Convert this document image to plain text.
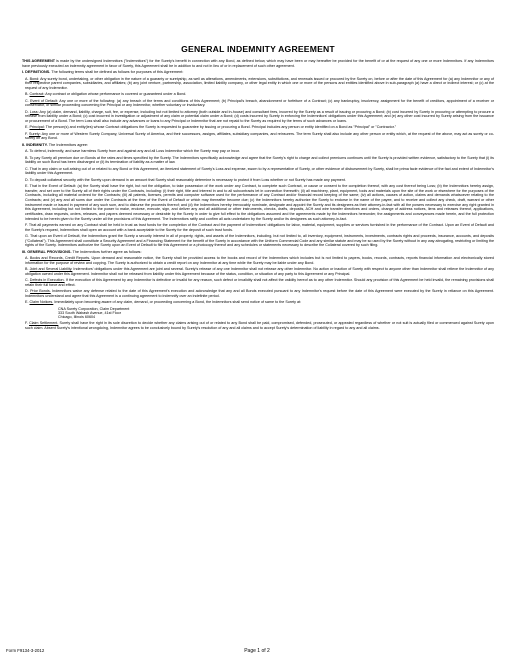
GENERAL INDEMNITY AGREEMENT

THIS AGREEMENT is made by the undersigned Indemnitors ("Indemnitors") for the Surety's benefit in connection with any Bond, as defined below, which may have been or may hereafter be provided for the benefit of or at the request of any one or more Indemnitors. If any Indemnitors have previously executed an indemnity agreement in favor of Surety, this Agreement shall be in addition to and not in lieu of or in replacement of such other agreement.

I. DEFINITIONS. The following terms shall be defined as follows for purposes of this Agreement:

A. Bond: Any surety bond, undertaking, or other obligation in the nature of a guaranty or suretyship, as well as alterations, amendments, extensions, substitutions, and renewals issued or procured by the Surety on, before or after the date of this Agreement for (a) any Indemnitor or any of their respective parent companies, subsidiaries, and affiliates; (b) any joint venture, partnership, association, limited liability company, or other legal entity in which one or more of the persons and entities identified above in sub-paragraph (a) have a direct or indirect interest; or (c) at the request of any Indemnitor.

B. Contract: Any contract or obligation whose performance is covered or guaranteed under a Bond.

C. Event of Default: Any one or more of the following: (a) any breach of the terms and conditions of this Agreement; (b) Principal's breach, abandonment or forfeiture of a Contract; (c) any bankruptcy, insolvency, assignment for the benefit of creditors, appointment of a receiver or conservator, or similar proceeding concerning the Principal or any Indemnitor, whether voluntary or involuntary.

D. Loss: Any (a) claim, demand, liability, charge, suit, fee, or expense, including but not limited to attorney (both outside and in-house) and consultant fees, incurred by the Surety as a result of issuing or procuring a Bond; (b) cost incurred by Surety in procuring or attempting to procure a release from liability under a Bond; (c) cost incurred in investigation or adjustment of any claim or potential claim under a Bond; (d) costs incurred by Surety in enforcing the Indemnitors' obligations under this Agreement; and (e) any other cost incurred by Surety arising from the issuance or procurement of a Bond. The term Loss shall also include any advances or loans to any Principal or Indemnitor that are not repaid to the Surety as required by the terms of such advances or loans.

E. Principal: The person(s) and entity(ies) whose Contract obligations the Surety is requested to guarantee by issuing or procuring a Bond. Principal includes any person or entity identified on a Bond as "Principal" or "Contractor."

F. Surety: Any one or more of Western Surety Company, Universal Surety of America, and their successors, assigns, affiliates, subsidiary companies, and reinsurers. The term Surety shall also include any other person or entity which, at the request of the above, may act as surety or co-surety on any Bond.

II. INDEMNITY. The Indemnitors agree:

A. To defend, indemnify, and save harmless Surety from and against any and all Loss Indemnitor which the Surety may pay or incur.

B. To pay Surety all premium due on Bonds at the rates and times specified by the Surety. The Indemnitors specifically acknowledge and agree that the Surety's right to charge and collect premiums continues until the Surety is provided written evidence, satisfactory to the Surety that (i) its liability on such Bond has been discharged or (ii) its termination of liability as a matter of law.

C. That in any claim or suit arising out of or related to any Bond or this Agreement, an itemized statement of Surety's Loss and expense, sworn to by a representative of Surety, or other evidence of disbursement by Surety, shall be prima facie evidence of the fact and extent of Indemnitor's liability under this Agreement.

D. To deposit collateral security with the Surety upon demand in an amount that Surety shall reasonably determine is necessary to protect it from Loss whether or not Surety has made any payment.

E. That in the Event of Default: (a) the Surety shall have the right, but not the obligation, to take possession of the work under any Contract, to complete such Contract, or cause or consent to the completion thereof, with any cost thereof being Loss; (b) the Indemnitors hereby assign, transfer, and set over to the Surety all of their rights under the Contracts, including: (i) their right, title and interest in and to all subcontracts let in connection therewith; (ii) all machinery, plant, equipment, tools and materials upon the site of the work or elsewhere for the purposes of the Contracts, including all material ordered for the Contracts; (iii) all patents, licenses, permits and computer software used for the performance of any Contract and/or financial record keeping of the same; (iv) all actions, causes of action, claims and demands whatsoever relating to the Contracts; and (v) any and all sums due under the Contracts at the time of the Event of Default or which may thereafter become due; (c) the Indemnitors hereby authorize the Surety to endorse in the name of the payee, and to receive and collect any check, draft, warrant or other instrument made or issued in payment of any such sum, and to disburse the proceeds thereof; and (d) the Indemnitors hereby irrevocably nominate, designate and appoint the Surety and its designees as their attorney-in-fact with all the powers necessary to exercise any right granted in this Agreement, including but not limited to the power to make, endorse, execute, sign, and deliver any and all additional or other instruments, checks, drafts, deposits, ACH and wire transfer directives and orders, change of address notices, liens and releases thereof, applications, certificates, draw requests, orders, releases, and papers deemed necessary or desirable by the Surety in order to give full effect to the obligations assumed and the agreements made by the Indemnitors hereunder, the assignments and conveyances made herein, and the full protection intended to be herein given to the Surety under all the provisions of this Agreement. The Indemnitors ratify and confirm all acts undertaken by the Surety and/or its designees as such attorney-in-fact.

F. That all payments earned on any Contract shall be held in trust as trust funds for the completion of the Contract and the payment of Indemnitors' obligations for labor, material, equipment, supplies or services furnished in the performance of the Contract. Upon an Event of Default and the Surety's request, Indemnitors shall open an account with a bank acceptable to the Surety for the deposit of such trust funds.

G. That upon an Event of Default, the Indemnitors grant the Surety a security interest in all of property, rights, and assets of the Indemnitors, including, but not limited to, all inventory, equipment, instruments, investments, contracts rights and proceeds, insurance, accounts, and deposits ("Collateral"). This Agreement shall constitute a Security Agreement and a Financing Statement for the benefit of the Surety in accordance with the Uniform Commercial Code and any similar statute and may be so used by the Surety without in any way abrogating, restricting or limiting the rights of the Surety. Indemnitors authorize the Surety upon an Event of Default to file this Agreement or a photocopy thereof and any schedules or statements necessary to describe the Collateral covered by such filing.

III. GENERAL PROVISIONS. The Indemnitors further agree as follows:

A. Books and Records, Credit Reports. Upon demand and reasonable notice, the Surety shall be provided access to the books and record of the Indemnitors which includes but is not limited to papers, books, records, contracts, reports financial information and electronically stored information for the purpose of review and copying. The Surety is authorized to obtain a credit report on any Indemnitor at any time while the Surety may be liable under any Bond.

B. Joint and Several Liability. Indemnitors' obligations under this Agreement are joint and several. Surety's release of any one Indemnitor shall not release any other Indemnitor. No action or inaction of Surety with respect to anyone other than Indemnitor shall relieve the Indemnitor of any obligation owned under this Agreement. Indemnitor shall not be released from liability under this Agreement because of the status, condition, or situation of any party to this Agreement or any Principal.

C. Defects in Execution. If the execution of this Agreement by any Indemnitor is defective or invalid for any reason, such defect or invalidity shall not affect the validity hereof as to any other Indemnitor. Should any provision of this Agreement be held invalid, the remaining provisions shall retain their full force and effect.

D. Prior Bonds. Indemnitors waive any defense related to the date of this Agreement's execution and acknowledge that any and all Bonds executed pursuant to any Indemnitor's request before the date of this Agreement were executed by the Surety in reliance on this Agreement. Indemnitors understand and agree that this Agreement is a continuing agreement to indemnify over an indefinite period.

E. Claim Notices. Immediately upon becoming aware of any claim, demand, or proceeding concerning a Bond, the Indemnitors shall send notice of same to the Surety at:

CNA Surety Corporation, Claim Department
333 South Wabash Avenue, 41st Floor
Chicago, Illinois 60604

F. Claim Settlement. Surety shall have the right in its sole discretion to decide whether any claims arising out of or related to any Bond shall be paid, compromised, defended, prosecuted, or appealed regardless of whether or not suit is actually filed or commenced against Surety upon such claim. Absent Surety's intentional wrongdoing, Indemnitor agrees to be conclusively bound by Surety's resolution of any and all claims and to accept Surety's determination of liability in regard to any and all claims.

Form F9134-3-2012	Page 1 of 2
